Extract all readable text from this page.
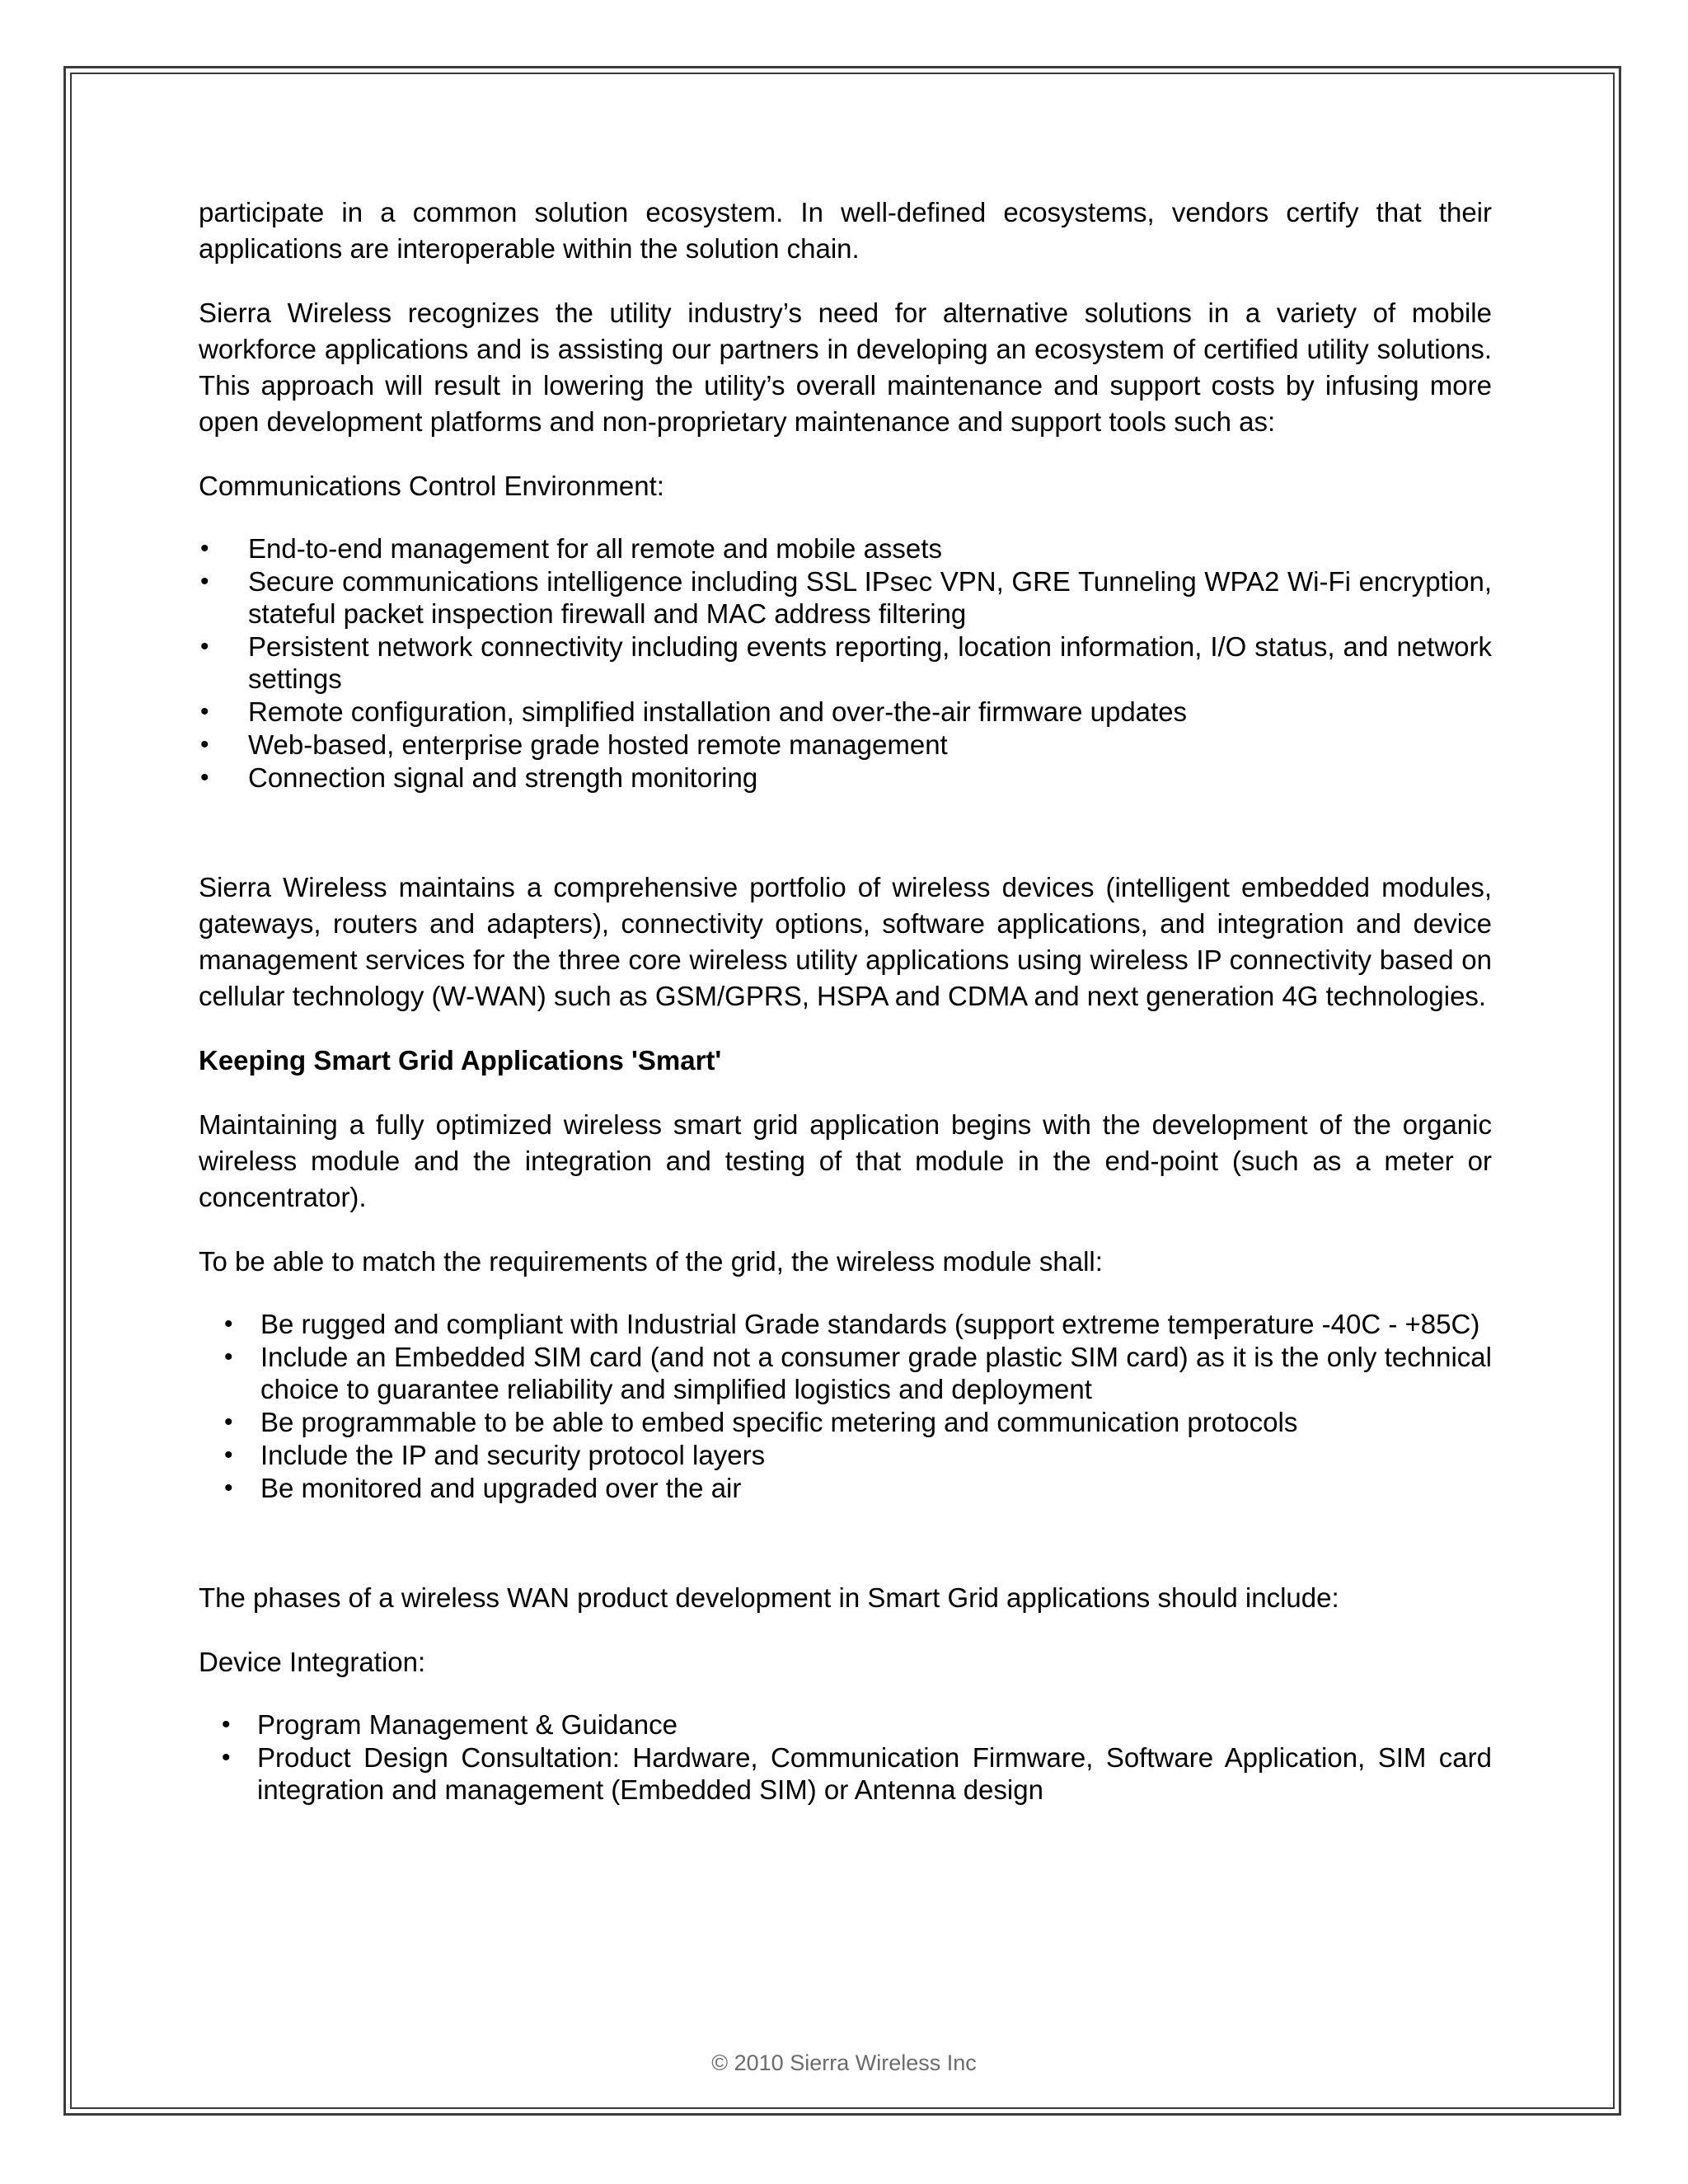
participate in a common solution ecosystem. In well-defined ecosystems, vendors certify that their applications are interoperable within the solution chain.

Sierra Wireless recognizes the utility industry’s need for alternative solutions in a variety of mobile workforce applications and is assisting our partners in developing an ecosystem of certified utility solutions. This approach will result in lowering the utility’s overall maintenance and support costs by infusing more open development platforms and non-proprietary maintenance and support tools such as:

Communications Control Environment:

• End-to-end management for all remote and mobile assets
• Secure communications intelligence including SSL IPsec VPN, GRE Tunneling WPA2 Wi-Fi encryption, stateful packet inspection firewall and MAC address filtering
• Persistent network connectivity including events reporting, location information, I/O status, and network settings
• Remote configuration, simplified installation and over-the-air firmware updates
• Web-based, enterprise grade hosted remote management
• Connection signal and strength monitoring

Sierra Wireless maintains a comprehensive portfolio of wireless devices (intelligent embedded modules, gateways, routers and adapters), connectivity options, software applications, and integration and device management services for the three core wireless utility applications using wireless IP connectivity based on cellular technology (W-WAN) such as GSM/GPRS, HSPA and CDMA and next generation 4G technologies.

Keeping Smart Grid Applications 'Smart'

Maintaining a fully optimized wireless smart grid application begins with the development of the organic wireless module and the integration and testing of that module in the end-point (such as a meter or concentrator).

To be able to match the requirements of the grid, the wireless module shall:

• Be rugged and compliant with Industrial Grade standards (support extreme temperature -40C - +85C)
• Include an Embedded SIM card (and not a consumer grade plastic SIM card) as it is the only technical choice to guarantee reliability and simplified logistics and deployment
• Be programmable to be able to embed specific metering and communication protocols
• Include the IP and security protocol layers
• Be monitored and upgraded over the air

The phases of a wireless WAN product development in Smart Grid applications should include:

Device Integration:

• Program Management & Guidance
• Product Design Consultation: Hardware, Communication Firmware, Software Application, SIM card integration and management (Embedded SIM) or Antenna design
© 2010 Sierra Wireless Inc
